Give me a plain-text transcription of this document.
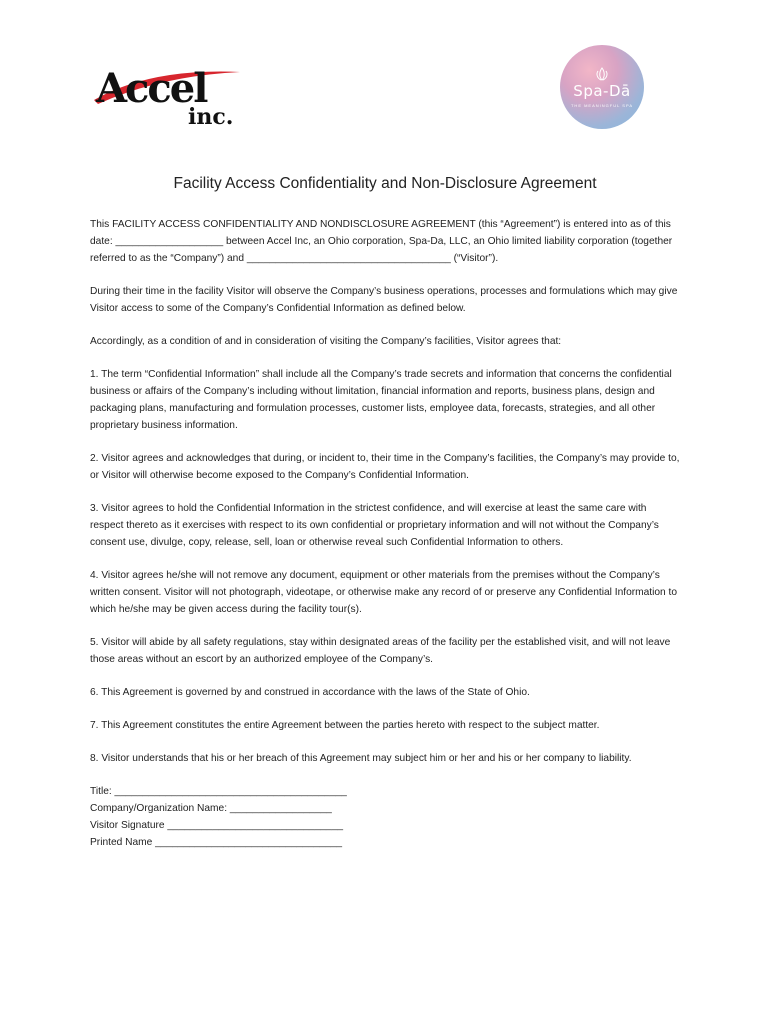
Accel
inc.
Spa-Dā
THE MEANINGFUL SPA
Facility Access Confidentiality and Non-Disclosure Agreement

This FACILITY ACCESS CONFIDENTIALITY AND NONDISCLOSURE AGREEMENT (this “Agreement”) is entered into as of this date: ___________________ between Accel Inc, an Ohio corporation, Spa-Da, LLC, an Ohio limited liability corporation (together referred to as the “Company”) and ____________________________________ (“Visitor”).

During their time in the facility Visitor will observe the Company’s business operations, processes and formulations which may give Visitor access to some of the Company’s Confidential Information as defined below.

Accordingly, as a condition of and in consideration of visiting the Company’s facilities, Visitor agrees that:

1. The term “Confidential Information” shall include all the Company’s trade secrets and information that concerns the confidential business or affairs of the Company’s including without limitation, financial information and reports, business plans, design and packaging plans, manufacturing and formulation processes, customer lists, employee data, forecasts, strategies, and all other proprietary business information.

2. Visitor agrees and acknowledges that during, or incident to, their time in the Company’s facilities, the Company’s may provide to, or Visitor will otherwise become exposed to the Company’s Confidential Information.

3. Visitor agrees to hold the Confidential Information in the strictest confidence, and will exercise at least the same care with respect thereto as it exercises with respect to its own confidential or proprietary information and will not without the Company’s consent use, divulge, copy, release, sell, loan or otherwise reveal such Confidential Information to others.

4. Visitor agrees he/she will not remove any document, equipment or other materials from the premises without the Company’s written consent. Visitor will not photograph, videotape, or otherwise make any record of or preserve any Confidential Information to which he/she may be given access during the facility tour(s).

5. Visitor will abide by all safety regulations, stay within designated areas of the facility per the established visit, and will not leave those areas without an escort by an authorized employee of the Company’s.

6. This Agreement is governed by and construed in accordance with the laws of the State of Ohio.

7. This Agreement constitutes the entire Agreement between the parties hereto with respect to the subject matter.

8. Visitor understands that his or her breach of this Agreement may subject him or her and his or her company to liability.

Title: _________________________________________
Company/Organization Name: __________________
Visitor Signature _______________________________
Printed Name _________________________________
